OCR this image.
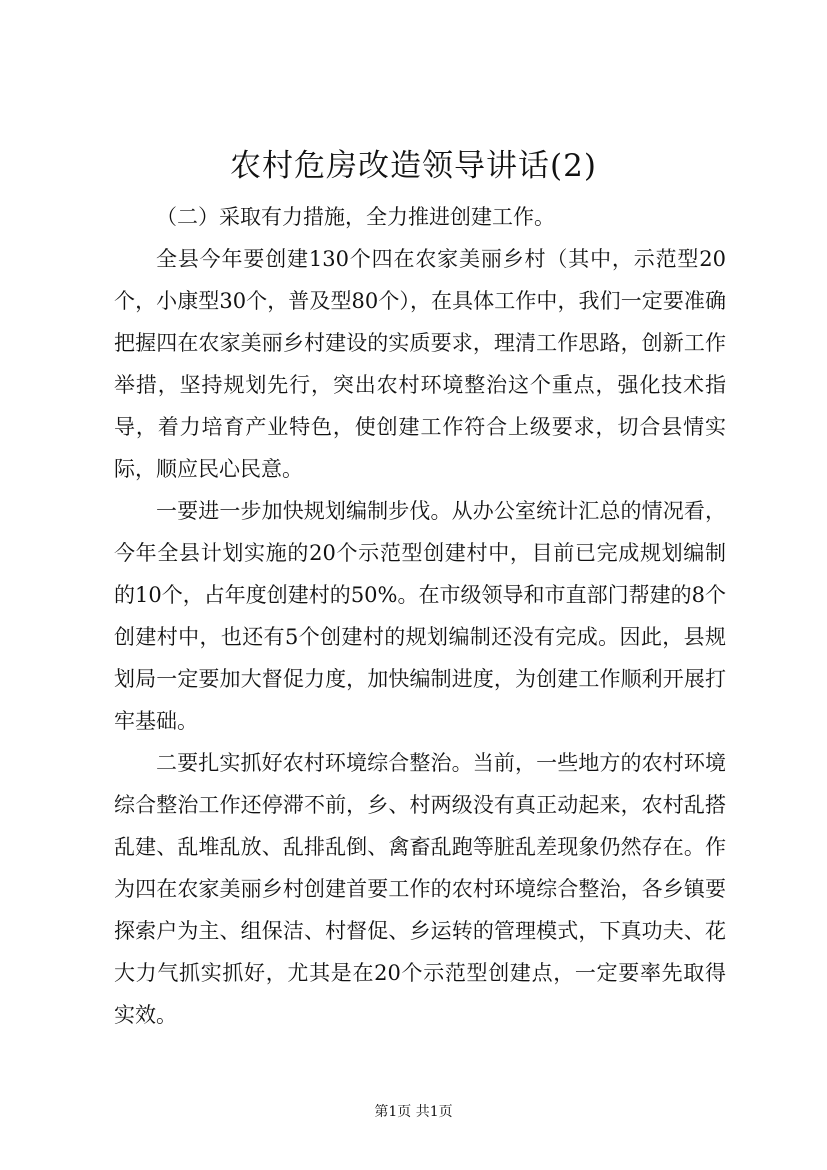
农村危房改造领导讲话(2)

（二）采取有力措施，全力推进创建工作。

全县今年要创建130个四在农家美丽乡村（其中，示范型20个，小康型30个，普及型80个），在具体工作中，我们一定要准确把握四在农家美丽乡村建设的实质要求，理清工作思路，创新工作举措，坚持规划先行，突出农村环境整治这个重点，强化技术指导，着力培育产业特色，使创建工作符合上级要求，切合县情实际，顺应民心民意。

一要进一步加快规划编制步伐。从办公室统计汇总的情况看，今年全县计划实施的20个示范型创建村中，目前已完成规划编制的10个，占年度创建村的50%。在市级领导和市直部门帮建的8个创建村中，也还有5个创建村的规划编制还没有完成。因此，县规划局一定要加大督促力度，加快编制进度，为创建工作顺利开展打牢基础。

二要扎实抓好农村环境综合整治。当前，一些地方的农村环境综合整治工作还停滞不前，乡、村两级没有真正动起来，农村乱搭乱建、乱堆乱放、乱排乱倒、禽畜乱跑等脏乱差现象仍然存在。作为四在农家美丽乡村创建首要工作的农村环境综合整治，各乡镇要探索户为主、组保洁、村督促、乡运转的管理模式，下真功夫、花大力气抓实抓好，尤其是在20个示范型创建点，一定要率先取得实效。

第1页 共1页
